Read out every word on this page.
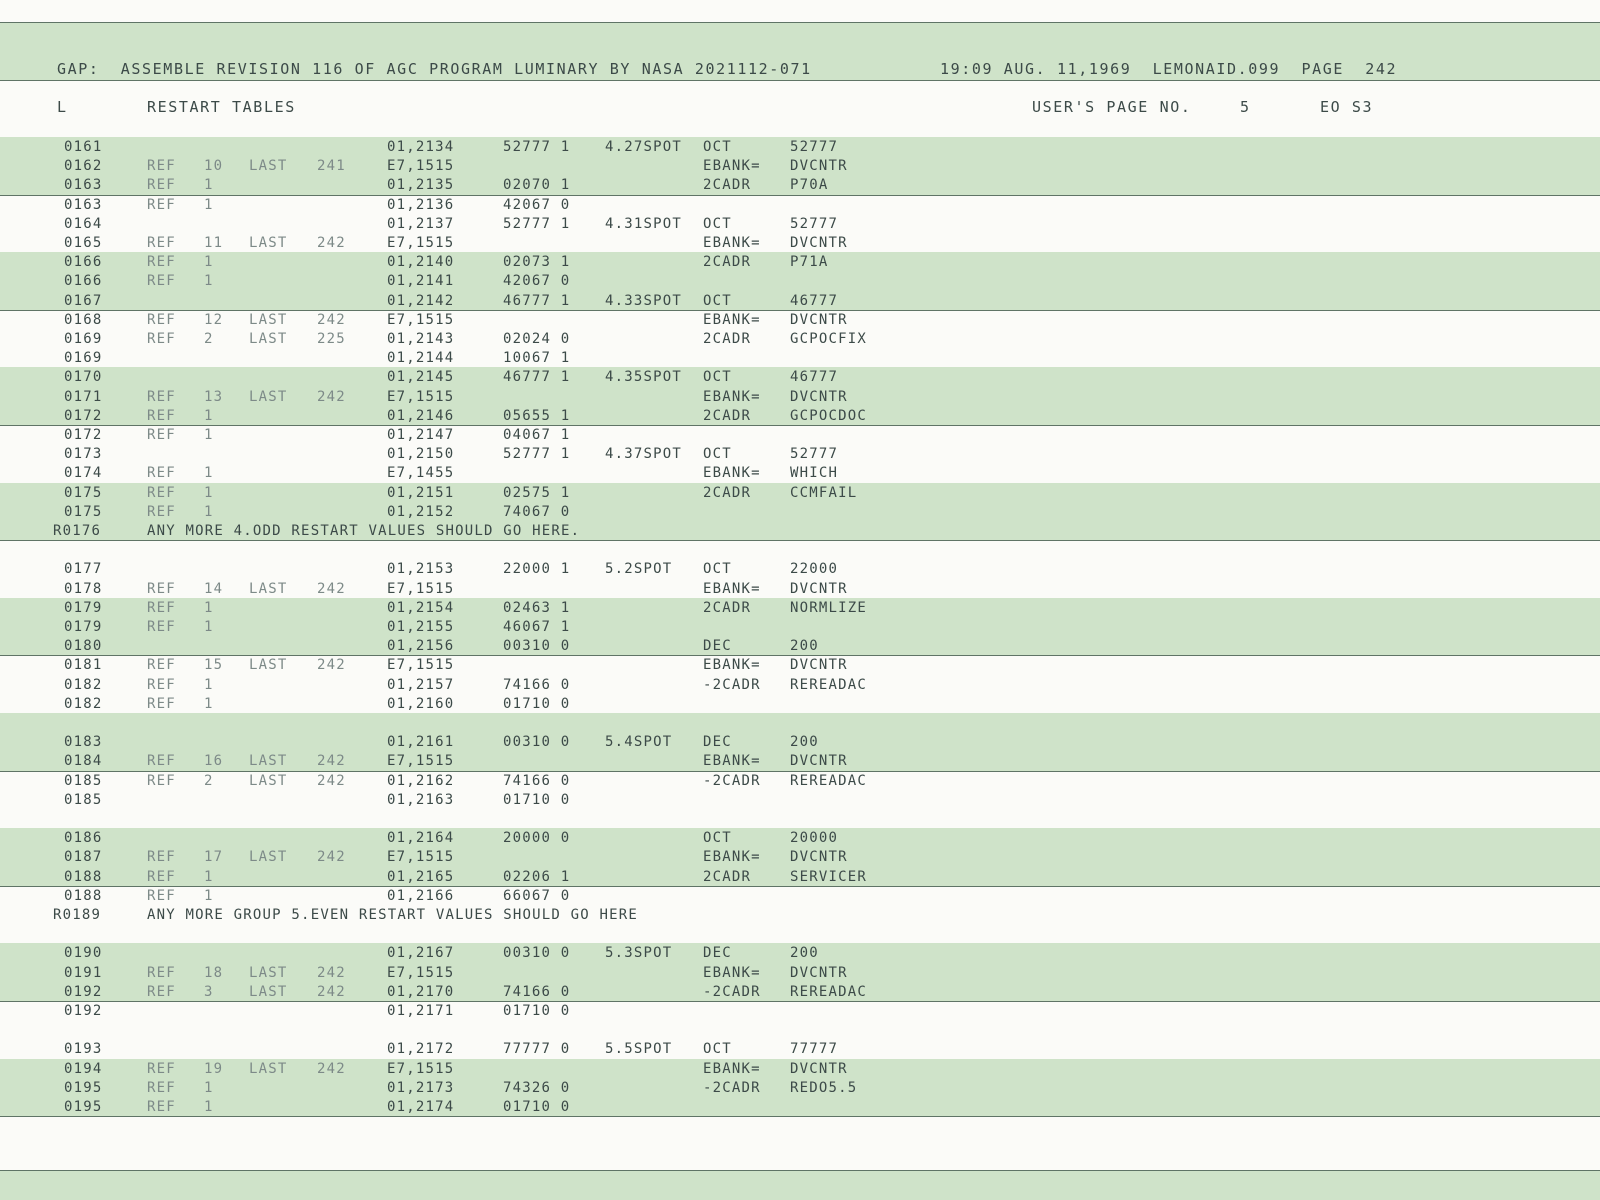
GAP:  ASSEMBLE REVISION 116 OF AGC PROGRAM LUMINARY BY NASA 2021112-071	19:09 AUG. 11,1969  LEMONAID.099  PAGE  242
L	RESTART TABLES	USER'S PAGE NO.	5	EO S3
0161	01,2134	52777 1 4.27SPOT OCT	52777
0162	REF 10 LAST 241	E7,1515	EBANK= DVCNTR
0163	REF 1	01,2135	02070 1	2CADR	P70A
0163	REF 1	01,2136	42067 0
0164	01,2137	52777 1 4.31SPOT OCT	52777
0165	REF 11 LAST 242	E7,1515	EBANK= DVCNTR
0166	REF 1	01,2140	02073 1	2CADR	P71A
0166	REF 1	01,2141	42067 0
0167	01,2142	46777 1 4.33SPOT OCT	46777
0168	REF 12 LAST 242	E7,1515	EBANK= DVCNTR
0169	REF 2	LAST 225	01,2143	02024 0	2CADR	GCPOCFIX
0169	01,2144	10067 1
0170	01,2145	46777 1 4.35SPOT OCT	46777
0171	REF 13 LAST 242	E7,1515	EBANK= DVCNTR
0172	REF 1	01,2146	05655 1	2CADR	GCPOCDOC
0172	REF 1	01,2147	04067 1
0173	01,2150	52777 1 4.37SPOT OCT	52777
0174	REF 1	E7,1455	EBANK= WHICH
0175	REF 1	01,2151	02575 1	2CADR	CCMFAIL
0175	REF 1	01,2152	74067 0
R0176	ANY MORE 4.ODD RESTART VALUES SHOULD GO HERE.
0177	01,2153	22000 1 5.2SPOT OCT	22000
0178	REF 14 LAST 242	E7,1515	EBANK= DVCNTR
0179	REF 1	01,2154	02463 1	2CADR	NORMLIZE
0179	REF 1	01,2155	46067 1
0180	01,2156	00310 0	DEC	200
0181	REF 15 LAST 242	E7,1515	EBANK= DVCNTR
0182	REF 1	01,2157	74166 0	-2CADR REREADAC
0182	REF 1	01,2160	01710 0
0183	01,2161	00310 0 5.4SPOT DEC	200
0184	REF 16 LAST 242	E7,1515	EBANK= DVCNTR
0185	REF 2	LAST 242	01,2162	74166 0	-2CADR REREADAC
0185	01,2163	01710 0
0186	01,2164	20000 0	OCT	20000
0187	REF 17 LAST 242	E7,1515	EBANK= DVCNTR
0188	REF 1	01,2165	02206 1	2CADR	SERVICER
0188	REF 1	01,2166	66067 0
R0189	ANY MORE GROUP 5.EVEN RESTART VALUES SHOULD GO HERE
0190	01,2167	00310 0 5.3SPOT DEC	200
0191	REF 18 LAST 242	E7,1515	EBANK= DVCNTR
0192	REF 3	LAST 242	01,2170	74166 0	-2CADR REREADAC
0192	01,2171	01710 0
0193	01,2172	77777 0 5.5SPOT OCT	77777
0194	REF 19 LAST 242	E7,1515	EBANK= DVCNTR
0195	REF 1	01,2173	74326 0	-2CADR REDO5.5
0195	REF 1	01,2174	01710 0
